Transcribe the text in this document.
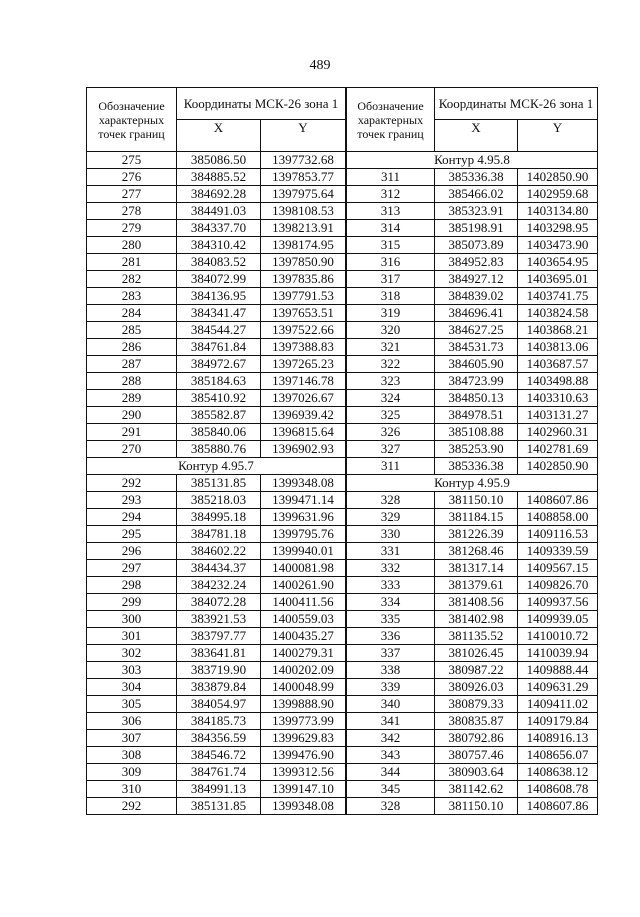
489
Обозначение характерных точек границ	Координаты МСК-26 зона 1	
	X	Y
275	385086.50	1397732.68
276	384885.52	1397853.77
277	384692.28	1397975.64
278	384491.03	1398108.53
279	384337.70	1398213.91
280	384310.42	1398174.95
281	384083.52	1397850.90
282	384072.99	1397835.86
283	384136.95	1397791.53
284	384341.47	1397653.51
285	384544.27	1397522.66
286	384761.84	1397388.83
287	384972.67	1397265.23
288	385184.63	1397146.78
289	385410.92	1397026.67
290	385582.87	1396939.42
291	385840.06	1396815.64
270	385880.76	1396902.93
Контур 4.95.7		
292	385131.85	1399348.08
293	385218.03	1399471.14
294	384995.18	1399631.96
295	384781.18	1399795.76
296	384602.22	1399940.01
297	384434.37	1400081.98
298	384232.24	1400261.90
299	384072.28	1400411.56
300	383921.53	1400559.03
301	383797.77	1400435.27
302	383641.81	1400279.31
303	383719.90	1400202.09
304	383879.84	1400048.99
305	384054.97	1399888.90
306	384185.73	1399773.99
307	384356.59	1399629.83
308	384546.72	1399476.90
309	384761.74	1399312.56
310	384991.13	1399147.10
292	385131.85	1399348.08
Обозначение характерных точек границ	Координаты МСК-26 зона 1	
	X	Y
Контур 4.95.8		
311	385336.38	1402850.90
312	385466.02	1402959.68
313	385323.91	1403134.80
314	385198.91	1403298.95
315	385073.89	1403473.90
316	384952.83	1403654.95
317	384927.12	1403695.01
318	384839.02	1403741.75
319	384696.41	1403824.58
320	384627.25	1403868.21
321	384531.73	1403813.06
322	384605.90	1403687.57
323	384723.99	1403498.88
324	384850.13	1403310.63
325	384978.51	1403131.27
326	385108.88	1402960.31
327	385253.90	1402781.69
311	385336.38	1402850.90
Контур 4.95.9		
328	381150.10	1408607.86
329	381184.15	1408858.00
330	381226.39	1409116.53
331	381268.46	1409339.59
332	381317.14	1409567.15
333	381379.61	1409826.70
334	381408.56	1409937.56
335	381402.98	1409939.05
336	381135.52	1410010.72
337	381026.45	1410039.94
338	380987.22	1409888.44
339	380926.03	1409631.29
340	380879.33	1409411.02
341	380835.87	1409179.84
342	380792.86	1408916.13
343	380757.46	1408656.07
344	380903.64	1408638.12
345	381142.62	1408608.78
328	381150.10	1408607.86
